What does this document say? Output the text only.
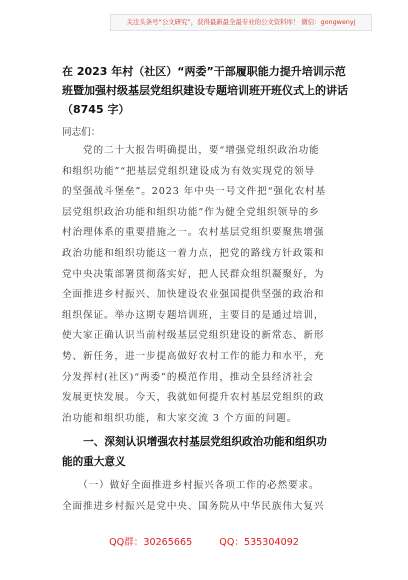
关注头条号“公文研究”，获得最新最全最专业的公文资料库！ 微信：gongwenyj
在 2023 年村（社区）“两委”干部履职能力提升培训示范
班暨加强村级基层党组织建设专题培训班开班仪式上的讲话
（8745 字）
同志们：
　　党的二十大报告明确提出，要“增强党组织政治功能
和组织功能”“把基层党组织建设成为有效实现党的领导
的坚强战斗堡垒”。2023 年中央一号文件把“强化农村基
层党组织政治功能和组织功能”作为健全党组织领导的乡
村治理体系的重要措施之一。农村基层党组织要聚焦增强
政治功能和组织功能这一着力点，把党的路线方针政策和
党中央决策部署贯彻落实好，把人民群众组织凝聚好，为
全面推进乡村振兴、加快建设农业强国提供坚强的政治和
组织保证。举办这期专题培训班，主要目的是通过培训，
使大家正确认识当前村级基层党组织建设的新常态、新形
势、新任务，进一步提高做好农村工作的能力和水平，充
分发挥村(社区)“两委”的模范作用，推动全县经济社会
发展更快发展。今天，我就如何提升农村基层党组织的政
治功能和组织功能，和大家交流 3 个方面的问题。
　　一、深刻认识增强农村基层党组织政治功能和组织功
能的重大意义
　　（一）做好全面推进乡村振兴各项工作的必然要求。
全面推进乡村振兴是党中央、国务院从中华民族伟大复兴
QQ群：30265665	QQ：535304092
